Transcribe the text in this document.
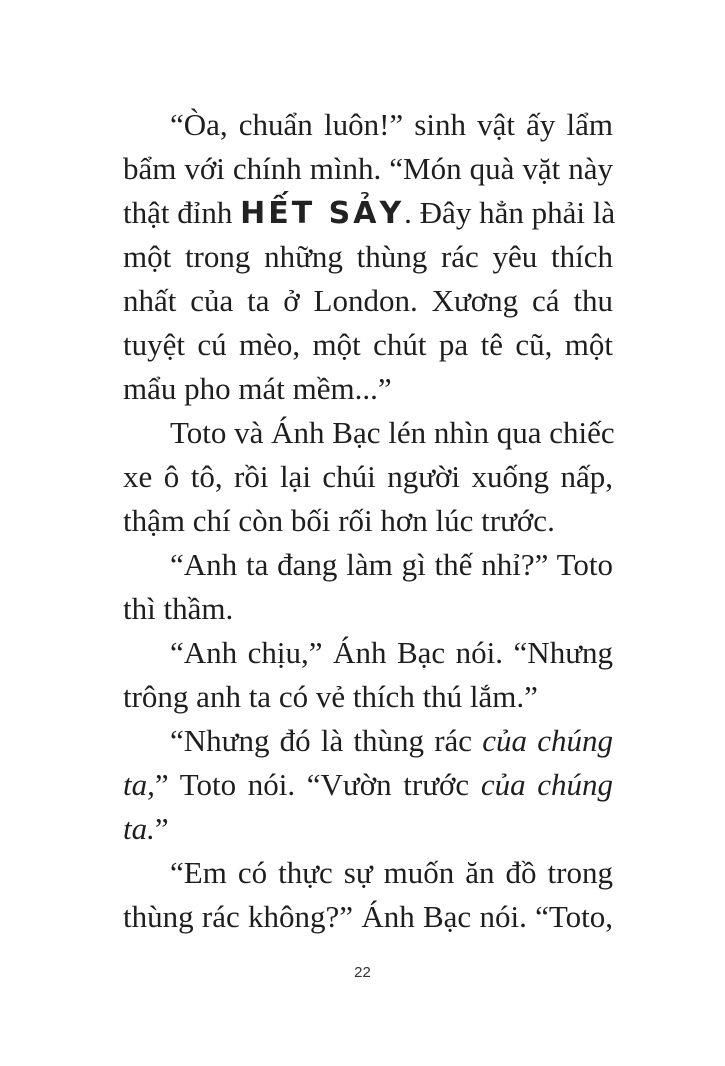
“Òa, chuẩn luôn!” sinh vật ấy lẩm
bẩm với chính mình. “Món quà vặt này
thật đỉnh HẾT SẢY. Đây hẳn phải là
một trong những thùng rác yêu thích
nhất của ta ở London. Xương cá thu
tuyệt cú mèo, một chút pa tê cũ, một
mẩu pho mát mềm...”
Toto và Ánh Bạc lén nhìn qua chiếc
xe ô tô, rồi lại chúi người xuống nấp,
thậm chí còn bối rối hơn lúc trước.
“Anh ta đang làm gì thế nhỉ?” Toto
thì thầm.
“Anh chịu,” Ánh Bạc nói. “Nhưng
trông anh ta có vẻ thích thú lắm.”
“Nhưng đó là thùng rác của chúng
ta,” Toto nói. “Vườn trước của chúng
ta.”
“Em có thực sự muốn ăn đồ trong
thùng rác không?” Ánh Bạc nói. “Toto,
22
